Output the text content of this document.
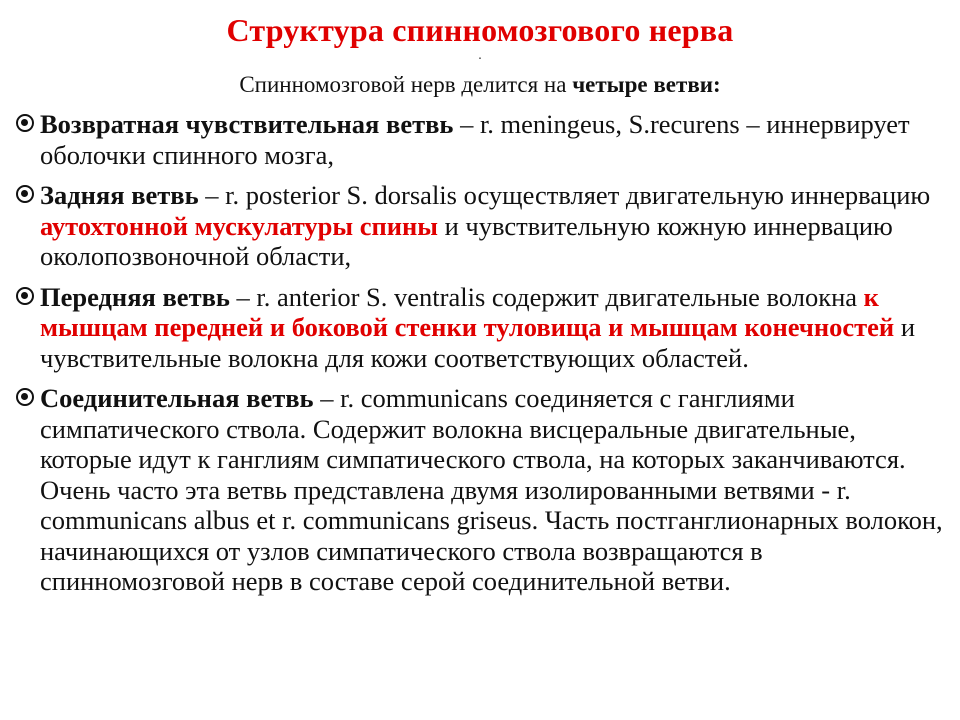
Структура спинномозгового нерва
.
Спинномозговой нерв делится на четыре ветви:
Возвратная чувствительная ветвь – r. meningeus, S.recurens – иннервирует оболочки спинного мозга,
Задняя ветвь – r. posterior S. dorsalis осуществляет двигательную иннервацию аутохтонной мускулатуры спины и чувствительную кожную иннервацию околопозвоночной области,
Передняя ветвь – r. anterior S. ventralis содержит двигательные волокна к мышцам передней и боковой стенки туловища и мышцам конечностей и чувствительные волокна для кожи соответствующих областей.
Соединительная ветвь – r. communicans соединяется с ганглиями симпатического ствола. Содержит волокна висцеральные двигательные, которые идут к ганглиям симпатического ствола, на которых заканчиваются. Очень часто эта ветвь представлена двумя изолированными ветвями - r. communicans albus et r. communicans griseus. Часть постганглионарных волокон, начинающихся от узлов симпатического ствола возвращаются в спинномозговой нерв в составе серой соединительной ветви.
